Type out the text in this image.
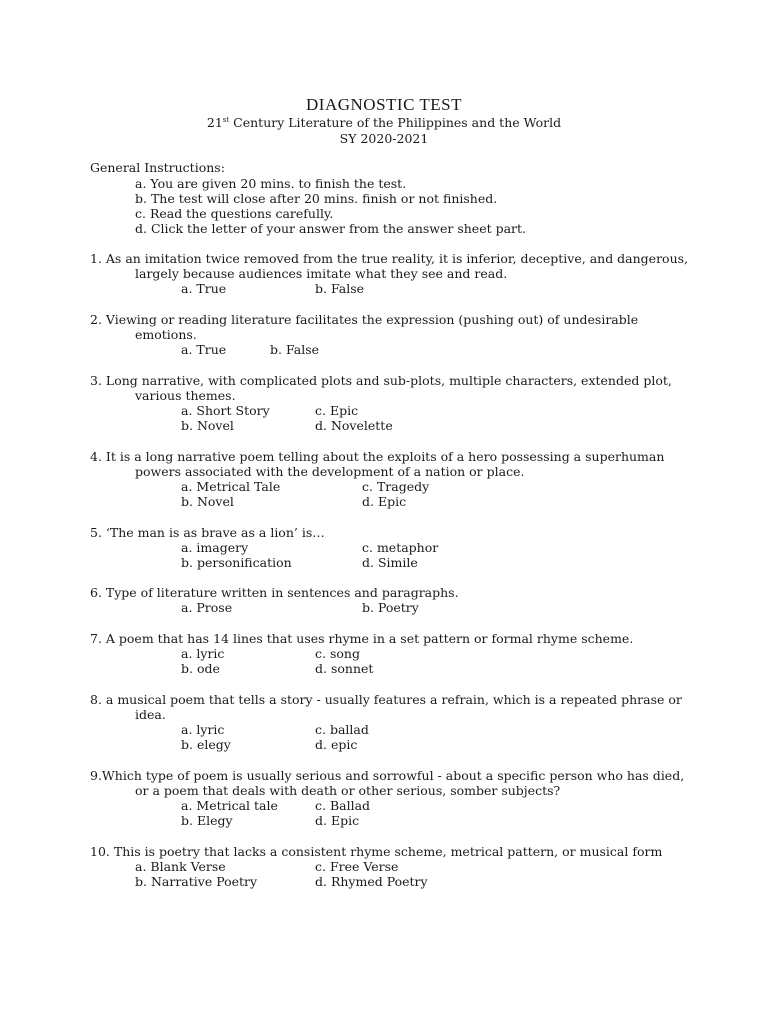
DIAGNOSTIC TEST
21st Century Literature of the Philippines and the World
SY 2020-2021
General Instructions:
a. You are given 20 mins. to finish the test.
b. The test will close after 20 mins. finish or not finished.
c. Read the questions carefully.
d. Click the letter of your answer from the answer sheet part.
1. As an imitation twice removed from the true reality, it is inferior, deceptive, and dangerous,
largely because audiences imitate what they see and read.
a. True	b. False
2. Viewing or reading literature facilitates the expression (pushing out) of undesirable
emotions.
a. True	b. False
3. Long narrative, with complicated plots and sub-plots, multiple characters, extended plot,
various themes.
a. Short Story	c. Epic
b. Novel	d. Novelette
4. It is a long narrative poem telling about the exploits of a hero possessing a superhuman
powers associated with the development of a nation or place.
a. Metrical Tale	c. Tragedy
b. Novel	d. Epic
5. ‘The man is as brave as a lion’ is…
a. imagery	c. metaphor
b. personification	d. Simile
6. Type of literature written in sentences and paragraphs.
a. Prose	b. Poetry
7. A poem that has 14 lines that uses rhyme in a set pattern or formal rhyme scheme.
a. lyric	c. song
b. ode	d. sonnet
8. a musical poem that tells a story - usually features a refrain, which is a repeated phrase or
idea.
a. lyric	c. ballad
b. elegy	d. epic
9.Which type of poem is usually serious and sorrowful - about a specific person who has died,
or a poem that deals with death or other serious, somber subjects?
a. Metrical tale	c. Ballad
b. Elegy	d. Epic
10. This is poetry that lacks a consistent rhyme scheme, metrical pattern, or musical form
a. Blank Verse	c. Free Verse
b. Narrative Poetry	d. Rhymed Poetry
